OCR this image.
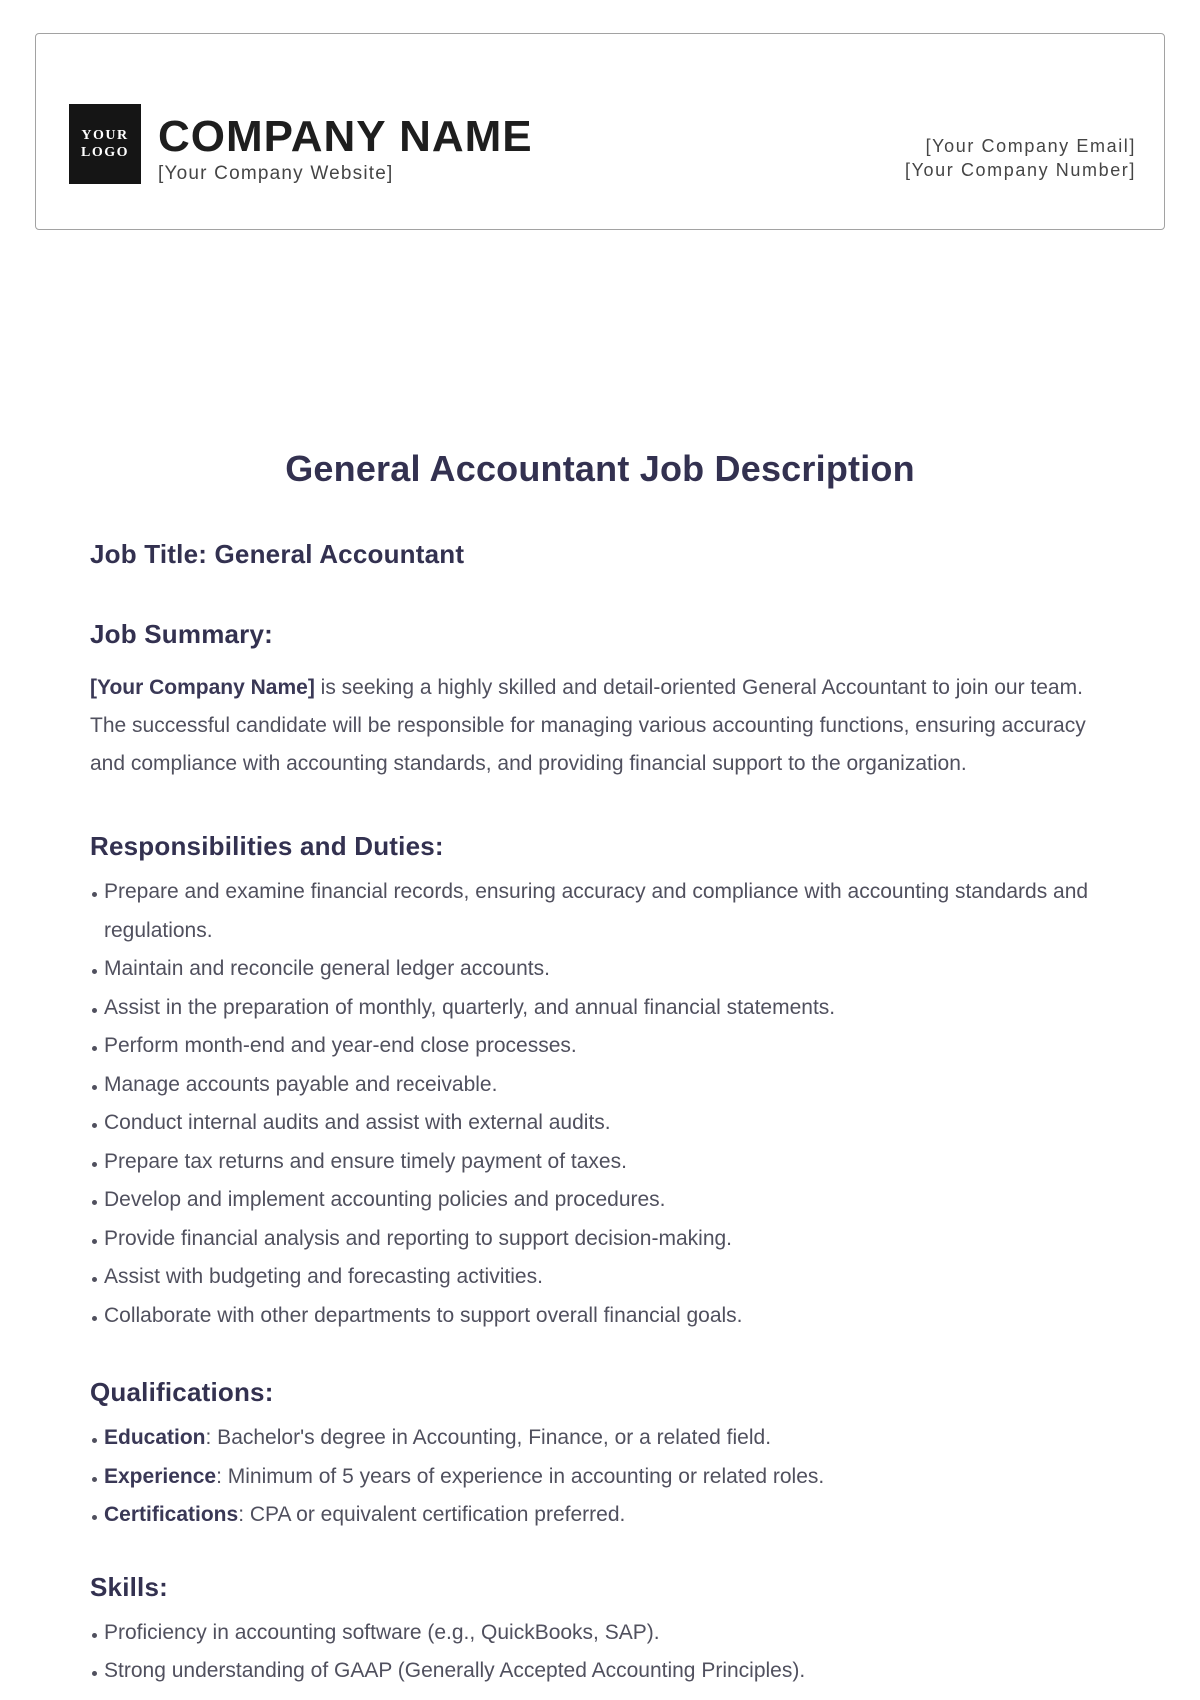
YOUR
LOGO COMPANY NAME
[Your Company Website]
[Your Company Email]
[Your Company Number]
General Accountant Job Description
Job Title: General Accountant
Job Summary:

[Your Company Name] is seeking a highly skilled and detail-oriented General Accountant to join our team. The successful candidate will be responsible for managing various accounting functions, ensuring accuracy and compliance with accounting standards, and providing financial support to the organization.

Responsibilities and Duties:
Prepare and examine financial records, ensuring accuracy and compliance with accounting standards and regulations.
Maintain and reconcile general ledger accounts.
Assist in the preparation of monthly, quarterly, and annual financial statements.
Perform month-end and year-end close processes.
Manage accounts payable and receivable.
Conduct internal audits and assist with external audits.
Prepare tax returns and ensure timely payment of taxes.
Develop and implement accounting policies and procedures.
Provide financial analysis and reporting to support decision-making.
Assist with budgeting and forecasting activities.
Collaborate with other departments to support overall financial goals.
Qualifications:
Education: Bachelor's degree in Accounting, Finance, or a related field.
Experience: Minimum of 5 years of experience in accounting or related roles.
Certifications: CPA or equivalent certification preferred.
Skills:
Proficiency in accounting software (e.g., QuickBooks, SAP).
Strong understanding of GAAP (Generally Accepted Accounting Principles).
